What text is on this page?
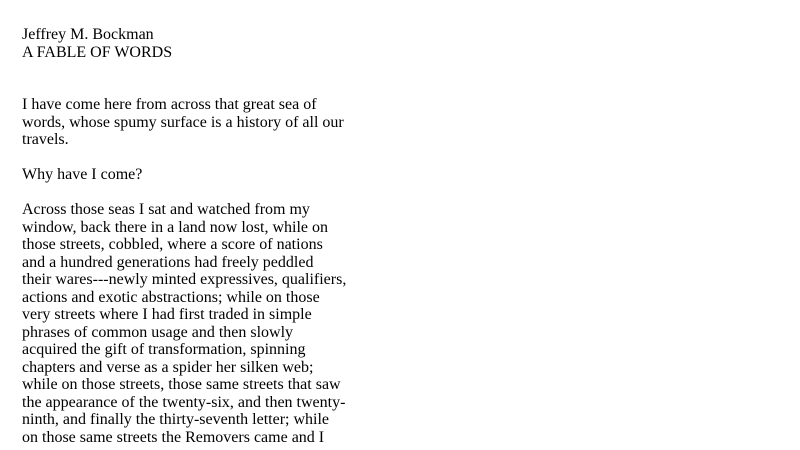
Jeffrey M. Bockman
A FABLE OF WORDS
I have come here from across that great sea of
words, whose spumy surface is a history of all our
travels.
Why have I come?
Across those seas I sat and watched from my
window, back there in a land now lost, while on
those streets, cobbled, where a score of nations
and a hundred generations had freely peddled
their wares---newly minted expressives, qualifiers,
actions and exotic abstractions; while on those
very streets where I had first traded in simple
phrases of common usage and then slowly
acquired the gift of transformation, spinning
chapters and verse as a spider her silken web;
while on those streets, those same streets that saw
the appearance of the twenty-six, and then twenty-
ninth, and finally the thirty-seventh letter; while
on those same streets the Removers came and I
